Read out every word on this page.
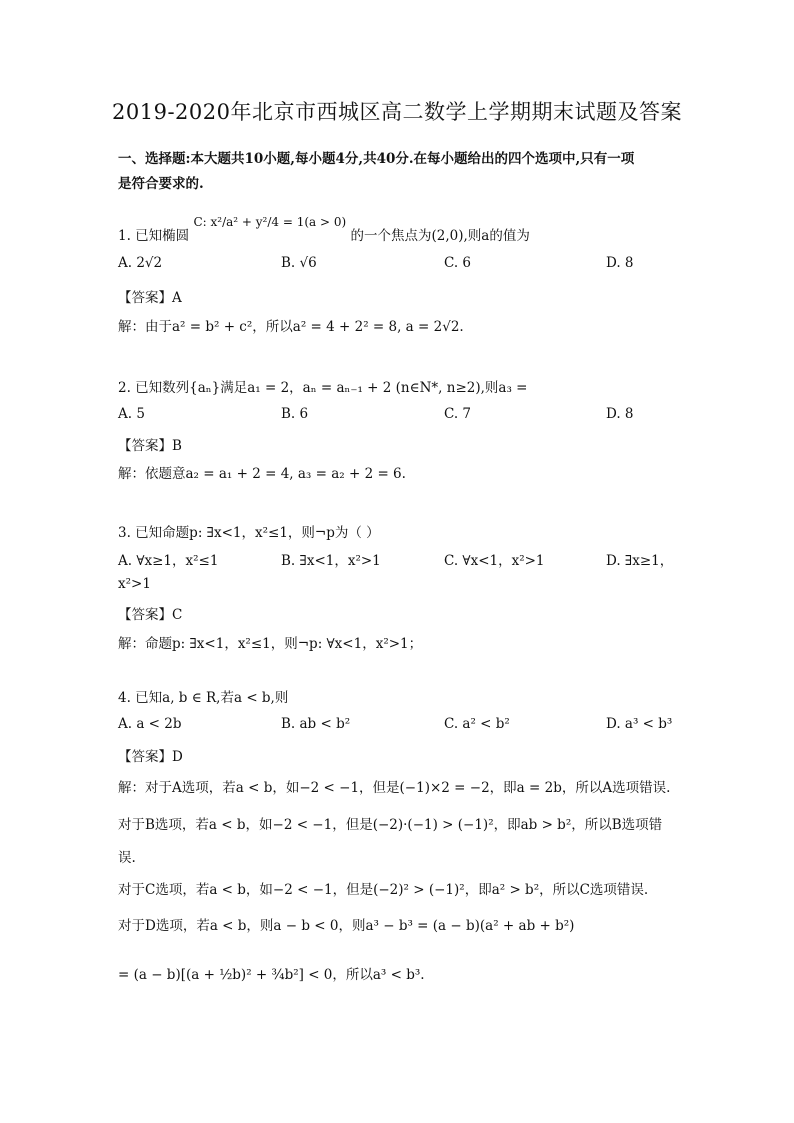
2019-2020年北京市西城区高二数学上学期期末试题及答案
一、选择题:本大题共10小题,每小题4分,共40分.在每小题给出的四个选项中,只有一项
是符合要求的.
1. 已知椭圆 C: x²/a² + y²/4 = 1(a > 0) 的一个焦点为(2,0),则a的值为
A. 2√2	B. √6	C. 6	D. 8
【答案】A
解：由于a² = b² + c²，所以a² = 4 + 2² = 8, a = 2√2.
2. 已知数列{aₙ}满足a₁ = 2，aₙ = aₙ₋₁ + 2 (n∈N*, n≥2),则a₃ =
A. 5	B. 6	C. 7	D. 8
【答案】B
解：依题意a₂ = a₁ + 2 = 4, a₃ = a₂ + 2 = 6.
3. 已知命题p: ∃x<1，x²≤1，则¬p为（ ）
A. ∀x≥1，x²≤1	B. ∃x<1，x²>1	C. ∀x<1，x²>1	D. ∃x≥1，
x²>1
【答案】C
解：命题p: ∃x<1，x²≤1，则¬p: ∀x<1，x²>1；
4. 已知a, b ∈ R,若a < b,则
A. a < 2b	B. ab < b²	C. a² < b²	D. a³ < b³
【答案】D
解：对于A选项，若a < b，如−2 < −1，但是(−1)×2 = −2，即a = 2b，所以A选项错误.
对于B选项，若a < b，如−2 < −1，但是(−2)·(−1) > (−1)²，即ab > b²，所以B选项错
误.
对于C选项，若a < b，如−2 < −1，但是(−2)² > (−1)²，即a² > b²，所以C选项错误.
对于D选项，若a < b，则a − b < 0，则a³ − b³ = (a − b)(a² + ab + b²)
= (a − b)[(a + ½b)² + ¾b²] < 0，所以a³ < b³.
